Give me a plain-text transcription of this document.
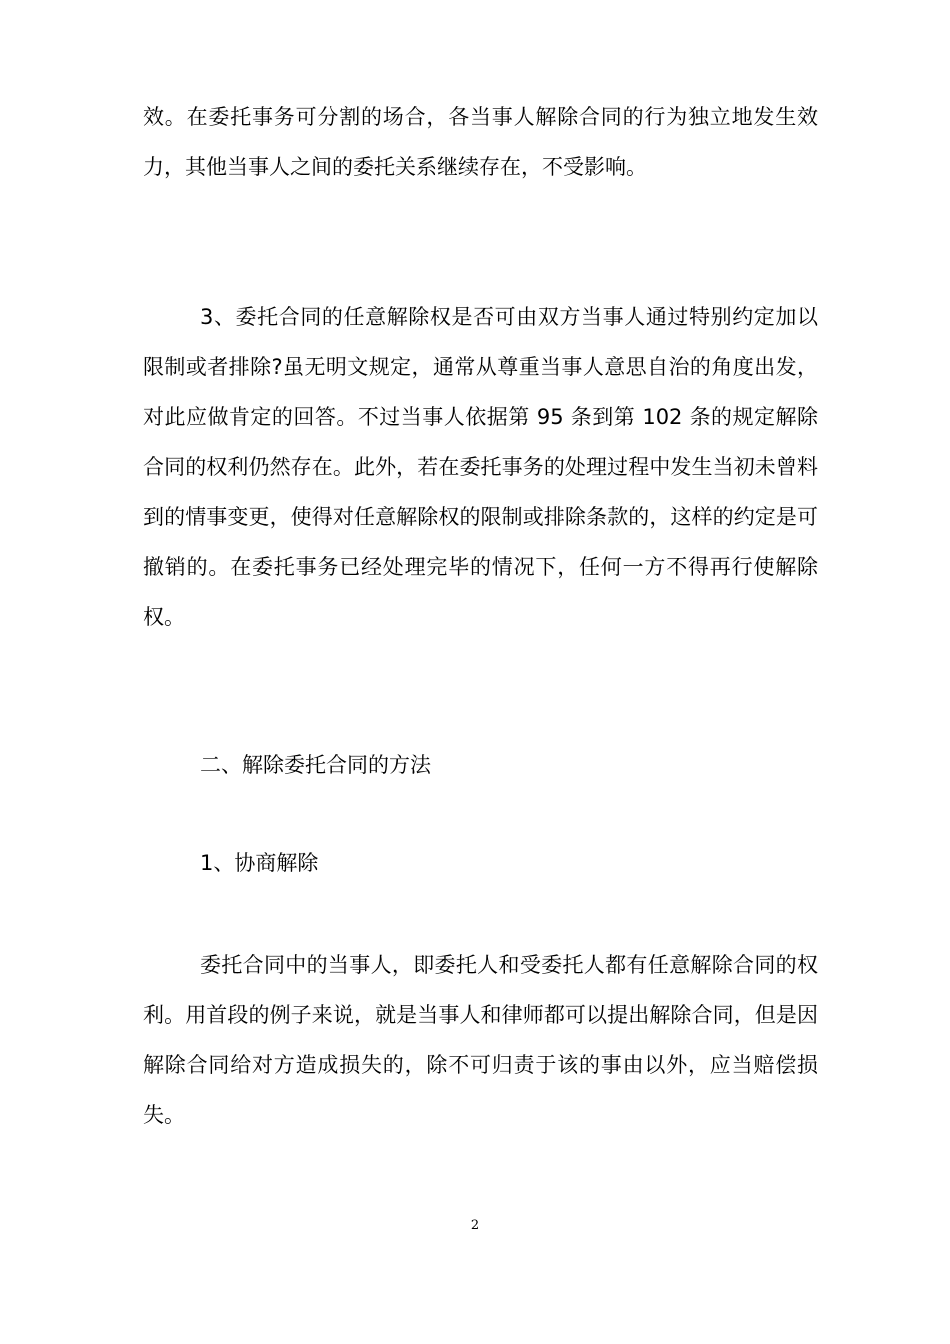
效。在委托事务可分割的场合，各当事人解除合同的行为独立地发生效力，其他当事人之间的委托关系继续存在，不受影响。

3、委托合同的任意解除权是否可由双方当事人通过特别约定加以限制或者排除?虽无明文规定，通常从尊重当事人意思自治的角度出发，对此应做肯定的回答。不过当事人依据第 95 条到第 102 条的规定解除合同的权利仍然存在。此外，若在委托事务的处理过程中发生当初未曾料到的情事变更，使得对任意解除权的限制或排除条款的，这样的约定是可撤销的。在委托事务已经处理完毕的情况下，任何一方不得再行使解除权。

二、解除委托合同的方法

1、协商解除

委托合同中的当事人，即委托人和受委托人都有任意解除合同的权利。用首段的例子来说，就是当事人和律师都可以提出解除合同，但是因解除合同给对方造成损失的，除不可归责于该的事由以外，应当赔偿损失。

2
